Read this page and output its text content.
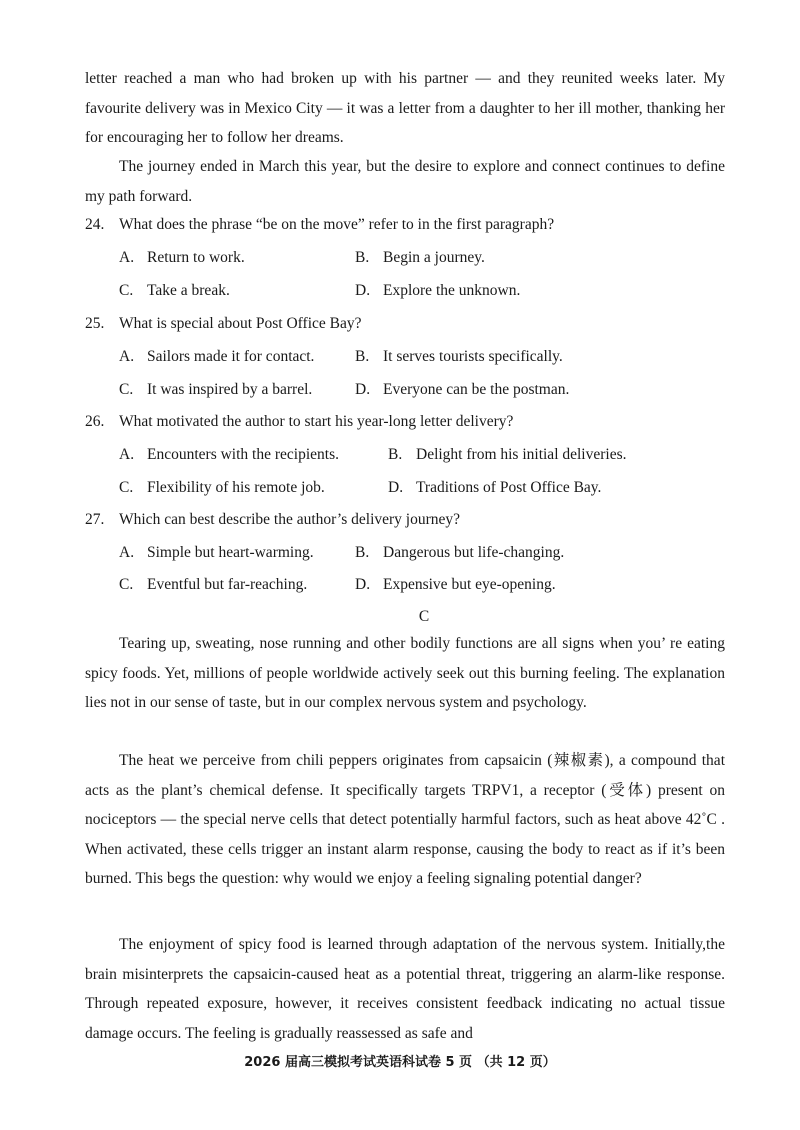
letter reached a man who had broken up with his partner — and they reunited weeks later. My favourite delivery was in Mexico City — it was a letter from a daughter to her ill mother, thanking her for encouraging her to follow her dreams.

The journey ended in March this year, but the desire to explore and connect continues to define my path forward.

24. What does the phrase “be on the move” refer to in the first paragraph?
A. Return to work.	B. Begin a journey.
C. Take a break.	D. Explore the unknown.
25. What is special about Post Office Bay?
A. Sailors made it for contact.	B. It serves tourists specifically.
C. It was inspired by a barrel.	D. Everyone can be the postman.
26. What motivated the author to start his year-long letter delivery?
A. Encounters with the recipients.	B. Delight from his initial deliveries.
C. Flexibility of his remote job.	D. Traditions of Post Office Bay.
27. Which can best describe the author’s delivery journey?
A. Simple but heart-warming.	B. Dangerous but life-changing.
C. Eventful but far-reaching.	D. Expensive but eye-opening.
C

Tearing up, sweating, nose running and other bodily functions are all signs when you’ re eating spicy foods. Yet, millions of people worldwide actively seek out this burning feeling. The explanation lies not in our sense of taste, but in our complex nervous system and psychology.

The heat we perceive from chili peppers originates from capsaicin (辣椒素), a compound that acts as the plant’s chemical defense. It specifically targets TRPV1, a receptor (受体) present on nociceptors — the special nerve cells that detect potentially harmful factors, such as heat above 42˚C . When activated, these cells trigger an instant alarm response, causing the body to react as if it’s been burned. This begs the question: why would we enjoy a feeling signaling potential danger?

The enjoyment of spicy food is learned through adaptation of the nervous system. Initially,the brain misinterprets the capsaicin-caused heat as a potential threat, triggering an alarm-like response. Through repeated exposure, however, it receives consistent feedback indicating no actual tissue damage occurs. The feeling is gradually reassessed as safe and

2026 届高三模拟考试英语科试卷 5 页 （共 12 页）
